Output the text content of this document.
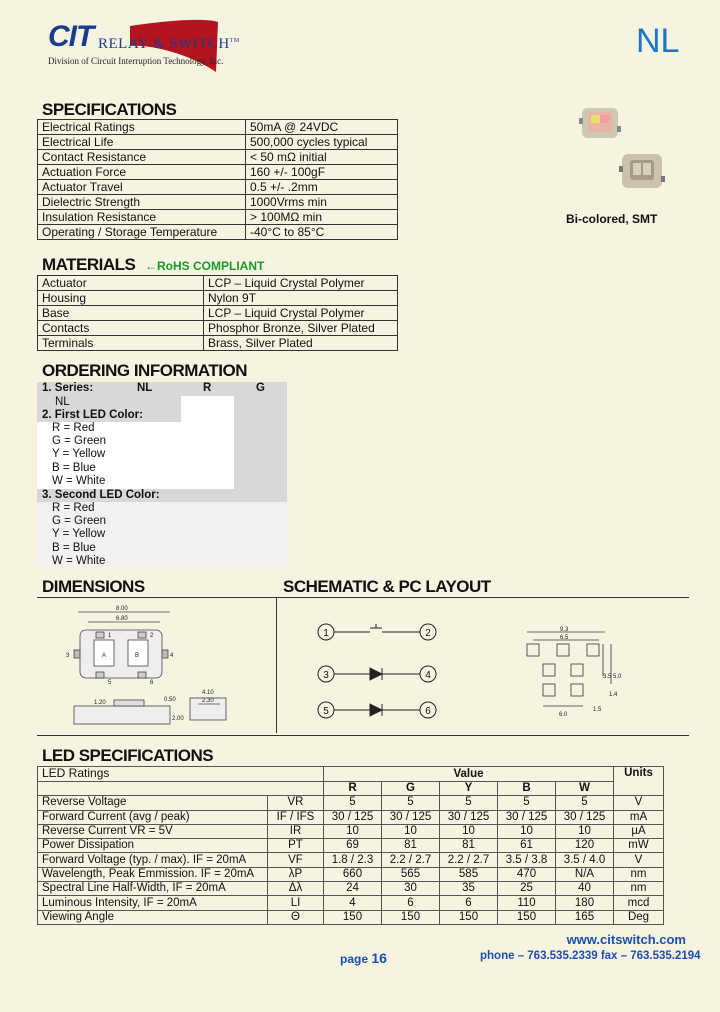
CIT RELAY & SWITCH™
Division of Circuit Interruption Technology, Inc.
NL
Bi-colored, SMT
SPECIFICATIONS
Electrical Ratings	50mA @ 24VDC
Electrical Life	500,000 cycles typical
Contact Resistance	< 50 mΩ initial
Actuation Force	160 +/- 100gF
Actuator Travel	0.5 +/- .2mm
Dielectric Strength	1000Vrms min
Insulation Resistance	> 100MΩ min
Operating / Storage Temperature	-40°C to 85°C
MATERIALS ←RoHS COMPLIANT
Actuator	LCP – Liquid Crystal Polymer
Housing	Nylon 9T
Base	LCP – Liquid Crystal Polymer
Contacts	Phosphor Bronze, Silver Plated
Terminals	Brass, Silver Plated
ORDERING INFORMATION
1. Series:	NL	R	G
NL
2. First LED Color:
R = Red
G = Green
Y = Yellow
B = Blue
W = White
3. Second LED Color:
R = Red
G = Green
Y = Yellow
B = Blue
W = White
DIMENSIONS	SCHEMATIC & PC LAYOUT
8.00
6.80
A	B
1	2
3	4
5	6
0.50
4.10
2.30
1.20
2.00
1	2
3	4
5	6
9.3
6.5
3.5 5.0
1.4
1.5
6.0
LED SPECIFICATIONS
LED Ratings		Value					Units
		R	G	Y	B	W	
Reverse Voltage	VR	5	5	5	5	5	V
Forward Current (avg / peak)	IF / IFS	30 / 125	30 / 125	30 / 125	30 / 125	30 / 125	mA
Reverse Current VR = 5V	IR	10	10	10	10	10	µA
Power Dissipation	PT	69	81	81	61	120	mW
Forward Voltage (typ. / max). IF = 20mA	VF	1.8 / 2.3	2.2 / 2.7	2.2 / 2.7	3.5 / 3.8	3.5 / 4.0	V
Wavelength, Peak Emmission. IF = 20mA	λP	660	565	585	470	N/A	nm
Spectral Line Half-Width, IF = 20mA	Δλ	24	30	35	25	40	nm
Luminous Intensity, IF = 20mA	LI	4	6	6	110	180	mcd
Viewing Angle	Θ	150	150	150	150	165	Deg
www.citswitch.com
page 16	phone – 763.535.2339 fax – 763.535.2194
